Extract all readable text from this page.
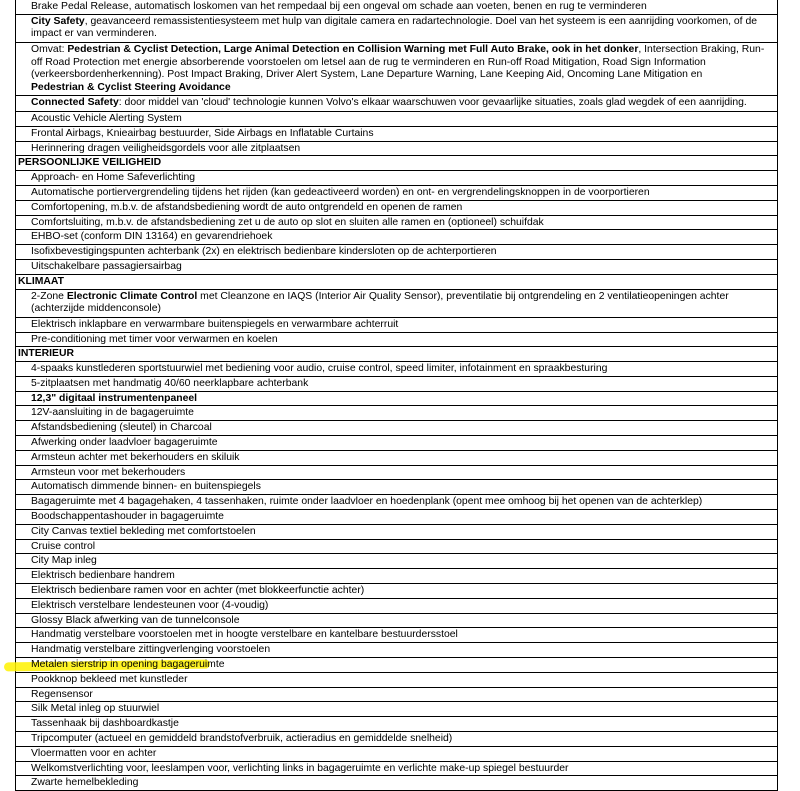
Brake Pedal Release, automatisch loskomen van het rempedaal bij een ongeval om schade aan voeten, benen en rug te verminderen
City Safety, geavanceerd remassistentiesysteem met hulp van digitale camera en radartechnologie. Doel van het systeem is een aanrijding voorkomen, of de impact er van verminderen.
Omvat: Pedestrian & Cyclist Detection, Large Animal Detection en Collision Warning met Full Auto Brake, ook in het donker, Intersection Braking, Run-off Road Protection met energie absorberende voorstoelen om letsel aan de rug te verminderen en Run-off Road Mitigation, Road Sign Information (verkeersbordenherkenning). Post Impact Braking, Driver Alert System, Lane Departure Warning, Lane Keeping Aid, Oncoming Lane Mitigation en
Pedestrian & Cyclist Steering Avoidance
Connected Safety: door middel van 'cloud' technologie kunnen Volvo's elkaar waarschuwen voor gevaarlijke situaties, zoals glad wegdek of een aanrijding.
Acoustic Vehicle Alerting System
Frontal Airbags, Knieairbag bestuurder, Side Airbags en Inflatable Curtains
Herinnering dragen veiligheidsgordels voor alle zitplaatsen
PERSOONLIJKE VEILIGHEID
Approach- en Home Safeverlichting
Automatische portiervergrendeling tijdens het rijden (kan gedeactiveerd worden) en ont- en vergrendelingsknoppen in de voorportieren
Comfortopening, m.b.v. de afstandsbediening wordt de auto ontgrendeld en openen de ramen
Comfortsluiting, m.b.v. de afstandsbediening zet u de auto op slot en sluiten alle ramen en (optioneel) schuifdak
EHBO-set (conform DIN 13164) en gevarendriehoek
Isofixbevestigingspunten achterbank (2x) en elektrisch bedienbare kindersloten op de achterportieren
Uitschakelbare passagiersairbag
KLIMAAT
2-Zone Electronic Climate Control met Cleanzone en IAQS (Interior Air Quality Sensor), preventilatie bij ontgrendeling en 2 ventilatieopeningen achter (achterzijde middenconsole)
Elektrisch inklapbare en verwarmbare buitenspiegels en verwarmbare achterruit
Pre-conditioning met timer voor verwarmen en koelen
INTERIEUR
4-spaaks kunstlederen sportstuurwiel met bediening voor audio, cruise control, speed limiter, infotainment en spraakbesturing
5-zitplaatsen met handmatig 40/60 neerklapbare achterbank
12,3" digitaal instrumentenpaneel
12V-aansluiting in de bagageruimte
Afstandsbediening (sleutel) in Charcoal
Afwerking onder laadvloer bagageruimte
Armsteun achter met bekerhouders en skiluik
Armsteun voor met bekerhouders
Automatisch dimmende binnen- en buitenspiegels
Bagageruimte met 4 bagagehaken, 4 tassenhaken, ruimte onder laadvloer en hoedenplank (opent mee omhoog bij het openen van de achterklep)
Boodschappentashouder in bagageruimte
City Canvas textiel bekleding met comfortstoelen
Cruise control
City Map inleg
Elektrisch bedienbare handrem
Elektrisch bedienbare ramen voor en achter (met blokkeerfunctie achter)
Elektrisch verstelbare lendesteunen voor (4-voudig)
Glossy Black afwerking van de tunnelconsole
Handmatig verstelbare voorstoelen met in hoogte verstelbare en kantelbare bestuurdersstoel
Handmatig verstelbare zittingverlenging voorstoelen
Metalen sierstrip in opening bagageruimte
Pookknop bekleed met kunstleder
Regensensor
Silk Metal inleg op stuurwiel
Tassenhaak bij dashboardkastje
Tripcomputer (actueel en gemiddeld brandstofverbruik, actieradius en gemiddelde snelheid)
Vloermatten voor en achter
Welkomstverlichting voor, leeslampen voor, verlichting links in bagageruimte en verlichte make-up spiegel bestuurder
Zwarte hemelbekleding
